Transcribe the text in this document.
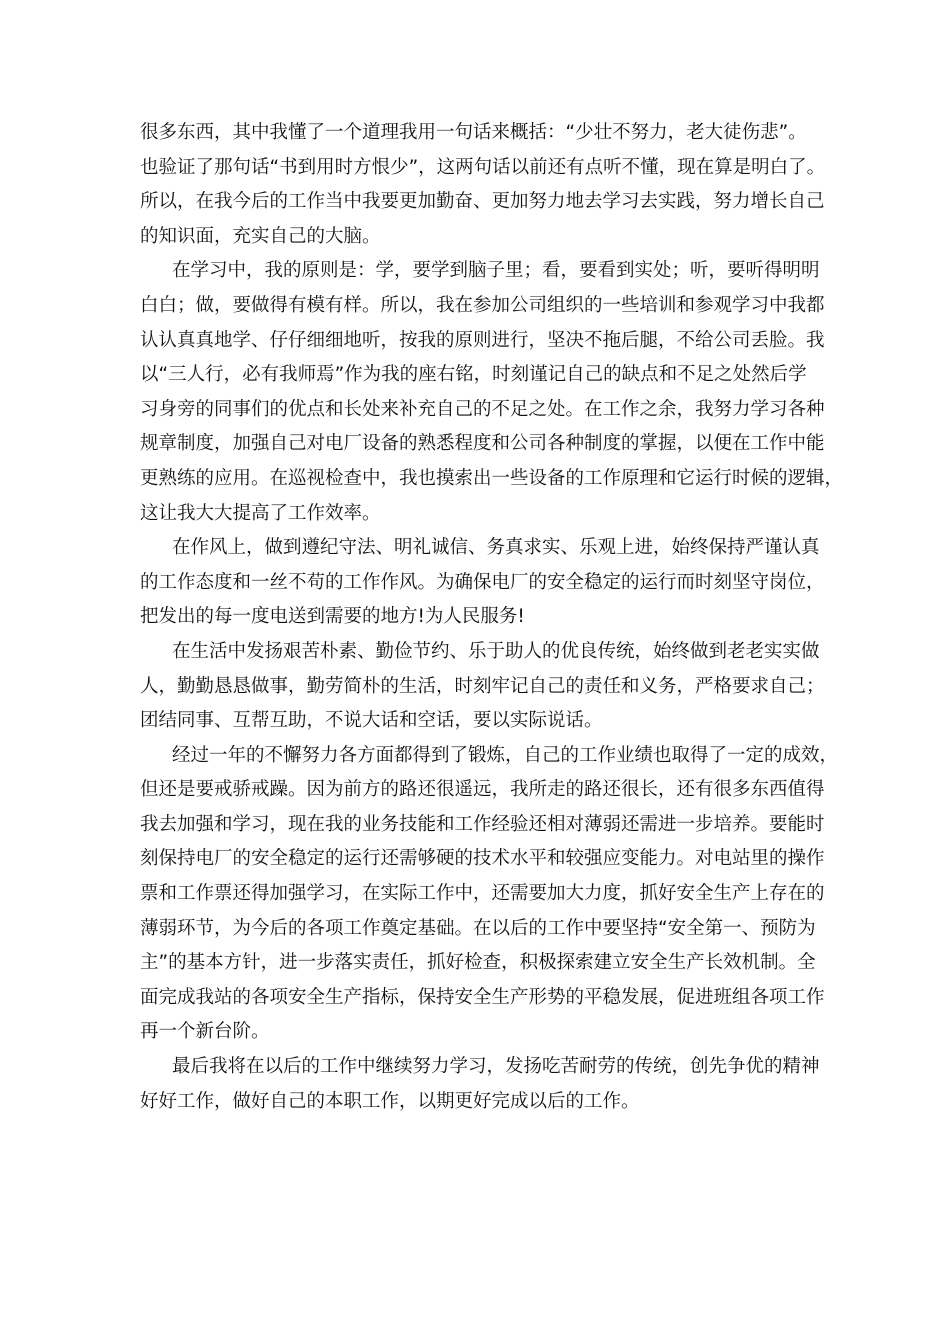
很多东西，其中我懂了一个道理我用一句话来概括：“少壮不努力，老大徒伤悲”。
也验证了那句话“书到用时方恨少”，这两句话以前还有点听不懂，现在算是明白了。
所以，在我今后的工作当中我要更加勤奋、更加努力地去学习去实践，努力增长自己
的知识面，充实自己的大脑。
在学习中，我的原则是：学，要学到脑子里；看，要看到实处；听，要听得明明
白白；做，要做得有模有样。所以，我在参加公司组织的一些培训和参观学习中我都
认认真真地学、仔仔细细地听，按我的原则进行，坚决不拖后腿，不给公司丢脸。我
以“三人行，必有我师焉”作为我的座右铭，时刻谨记自己的缺点和不足之处然后学
习身旁的同事们的优点和长处来补充自己的不足之处。在工作之余，我努力学习各种
规章制度，加强自己对电厂设备的熟悉程度和公司各种制度的掌握，以便在工作中能
更熟练的应用。在巡视检查中，我也摸索出一些设备的工作原理和它运行时候的逻辑，
这让我大大提高了工作效率。
在作风上，做到遵纪守法、明礼诚信、务真求实、乐观上进，始终保持严谨认真
的工作态度和一丝不苟的工作作风。为确保电厂的安全稳定的运行而时刻坚守岗位，
把发出的每一度电送到需要的地方!为人民服务!
在生活中发扬艰苦朴素、勤俭节约、乐于助人的优良传统，始终做到老老实实做
人，勤勤恳恳做事，勤劳简朴的生活，时刻牢记自己的责任和义务，严格要求自己；
团结同事、互帮互助，不说大话和空话，要以实际说话。
经过一年的不懈努力各方面都得到了锻炼，自己的工作业绩也取得了一定的成效，
但还是要戒骄戒躁。因为前方的路还很遥远，我所走的路还很长，还有很多东西值得
我去加强和学习，现在我的业务技能和工作经验还相对薄弱还需进一步培养。要能时
刻保持电厂的安全稳定的运行还需够硬的技术水平和较强应变能力。对电站里的操作
票和工作票还得加强学习，在实际工作中，还需要加大力度，抓好安全生产上存在的
薄弱环节，为今后的各项工作奠定基础。在以后的工作中要坚持“安全第一、预防为
主”的基本方针，进一步落实责任，抓好检查，积极探索建立安全生产长效机制。全
面完成我站的各项安全生产指标，保持安全生产形势的平稳发展，促进班组各项工作
再一个新台阶。
最后我将在以后的工作中继续努力学习，发扬吃苦耐劳的传统，创先争优的精神
好好工作，做好自己的本职工作，以期更好完成以后的工作。
